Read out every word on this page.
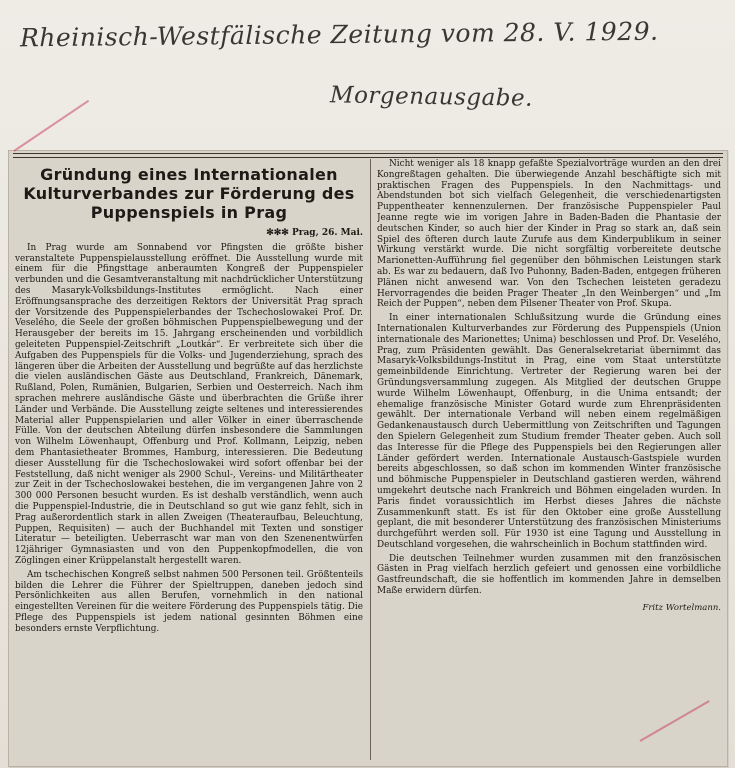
Rheinisch-Westfälische Zeitung vom 28. V. 1929.
Morgenausgabe.
Gründung eines Internationalen Kulturverbandes zur Förderung des Puppenspiels in Prag
✻✻✻ Prag, 26. Mai.

In Prag wurde am Sonnabend vor Pfingsten die größte bisher veranstaltete Puppenspielausstellung eröffnet. Die Ausstellung wurde mit einem für die Pfingsttage anberaumten Kongreß der Puppenspieler verbunden und die Gesamtveranstaltung mit nachdrücklicher Unterstützung des Masaryk-Volksbildungs-Institutes ermöglicht. Nach einer Eröffnungsansprache des derzeitigen Rektors der Universität Prag sprach der Vorsitzende des Puppenspielerbandes der Tschechoslowakei Prof. Dr. Veselého, die Seele der großen böhmischen Puppenspielbewegung und der Herausgeber der bereits im 15. Jahrgang erscheinenden und vorbildlich geleiteten Puppenspiel-Zeitschrift „Loutkár“. Er verbreitete sich über die Aufgaben des Puppenspiels für die Volks- und Jugenderziehung, sprach des längeren über die Arbeiten der Ausstellung und begrüßte auf das herzlichste die vielen ausländischen Gäste aus Deutschland, Frankreich, Dänemark, Rußland, Polen, Rumänien, Bulgarien, Serbien und Oesterreich. Nach ihm sprachen mehrere ausländische Gäste und überbrachten die Grüße ihrer Länder und Verbände. Die Ausstellung zeigte seltenes und interessierendes Material aller Puppenspielarien und aller Völker in einer überraschende Fülle. Von der deutschen Abteilung dürfen insbesondere die Sammlungen von Wilhelm Löwenhaupt, Offenburg und Prof. Kollmann, Leipzig, neben dem Phantasietheater Brommes, Hamburg, interessieren. Die Bedeutung dieser Ausstellung für die Tschechoslowakei wird sofort offenbar bei der Feststellung, daß nicht weniger als 2900 Schul-, Vereins- und Militärtheater zur Zeit in der Tschechoslowakei bestehen, die im vergangenen Jahre von 2 300 000 Personen besucht wurden. Es ist deshalb verständlich, wenn auch die Puppenspiel-Industrie, die in Deutschland so gut wie ganz fehlt, sich in Prag außerordentlich stark in allen Zweigen (Theateraufbau, Beleuchtung, Puppen, Requisiten) — auch der Buchhandel mit Texten und sonstiger Literatur — beteiligten. Ueberrascht war man von den Szenenentwürfen 12jähriger Gymnasiasten und von den Puppenkopfmodellen, die von Zöglingen einer Krüppelanstalt hergestellt waren.

Am tschechischen Kongreß selbst nahmen 500 Personen teil. Größtenteils bilden die Lehrer die Führer der Spieltruppen, daneben jedoch sind Persönlichkeiten aus allen Berufen, vornehmlich in den national eingestellten Vereinen für die weitere Förderung des Puppenspiels tätig. Die Pflege des Puppenspiels ist jedem national gesinnten Böhmen eine besonders ernste Verpflichtung.

Nicht weniger als 18 knapp gefaßte Spezialvorträge wurden an den drei Kongreßtagen gehalten. Die überwiegende Anzahl beschäftigte sich mit praktischen Fragen des Puppenspiels. In den Nachmittags- und Abendstunden bot sich vielfach Gelegenheit, die verschiedenartigsten Puppentheater kennenzulernen. Der französische Puppenspieler Paul Jeanne regte wie im vorigen Jahre in Baden-Baden die Phantasie der deutschen Kinder, so auch hier der Kinder in Prag so stark an, daß sein Spiel des öfteren durch laute Zurufe aus dem Kinderpublikum in seiner Wirkung verstärkt wurde. Die nicht sorgfältig vorbereitete deutsche Marionetten-Aufführung fiel gegenüber den böhmischen Leistungen stark ab. Es war zu bedauern, daß Ivo Puhonny, Baden-Baden, entgegen früheren Plänen nicht anwesend war. Von den Tschechen leisteten geradezu Hervorragendes die beiden Prager Theater „In den Weinbergen“ und „Im Reich der Puppen“, neben dem Pilsener Theater von Prof. Skupa.

In einer internationalen Schlußsitzung wurde die Gründung eines Internationalen Kulturverbandes zur Förderung des Puppenspiels (Union internationale des Marionettes; Unima) beschlossen und Prof. Dr. Veselého, Prag, zum Präsidenten gewählt. Das Generalsekretariat übernimmt das Masaryk-Volksbildungs-Institut in Prag, eine vom Staat unterstützte gemeinbildende Einrichtung. Vertreter der Regierung waren bei der Gründungsversammlung zugegen. Als Mitglied der deutschen Gruppe wurde Wilhelm Löwenhaupt, Offenburg, in die Unima entsandt; der ehemalige französische Minister Gotard wurde zum Ehrenpräsidenten gewählt. Der internationale Verband will neben einem regelmäßigen Gedankenaustausch durch Uebermittlung von Zeitschriften und Tagungen den Spielern Gelegenheit zum Studium fremder Theater geben. Auch soll das Interesse für die Pflege des Puppenspiels bei den Regierungen aller Länder gefördert werden. Internationale Austausch-Gastspiele wurden bereits abgeschlossen, so daß schon im kommenden Winter französische und böhmische Puppenspieler in Deutschland gastieren werden, während umgekehrt deutsche nach Frankreich und Böhmen eingeladen wurden. In Paris findet voraussichtlich im Herbst dieses Jahres die nächste Zusammenkunft statt. Es ist für den Oktober eine große Ausstellung geplant, die mit besonderer Unterstützung des französischen Ministeriums durchgeführt werden soll. Für 1930 ist eine Tagung und Ausstellung in Deutschland vorgesehen, die wahrscheinlich in Bochum stattfinden wird.

Die deutschen Teilnehmer wurden zusammen mit den französischen Gästen in Prag vielfach herzlich gefeiert und genossen eine vorbildliche Gastfreundschaft, die sie hoffentlich im kommenden Jahre in demselben Maße erwidern dürfen.

Fritz Wortelmann.
